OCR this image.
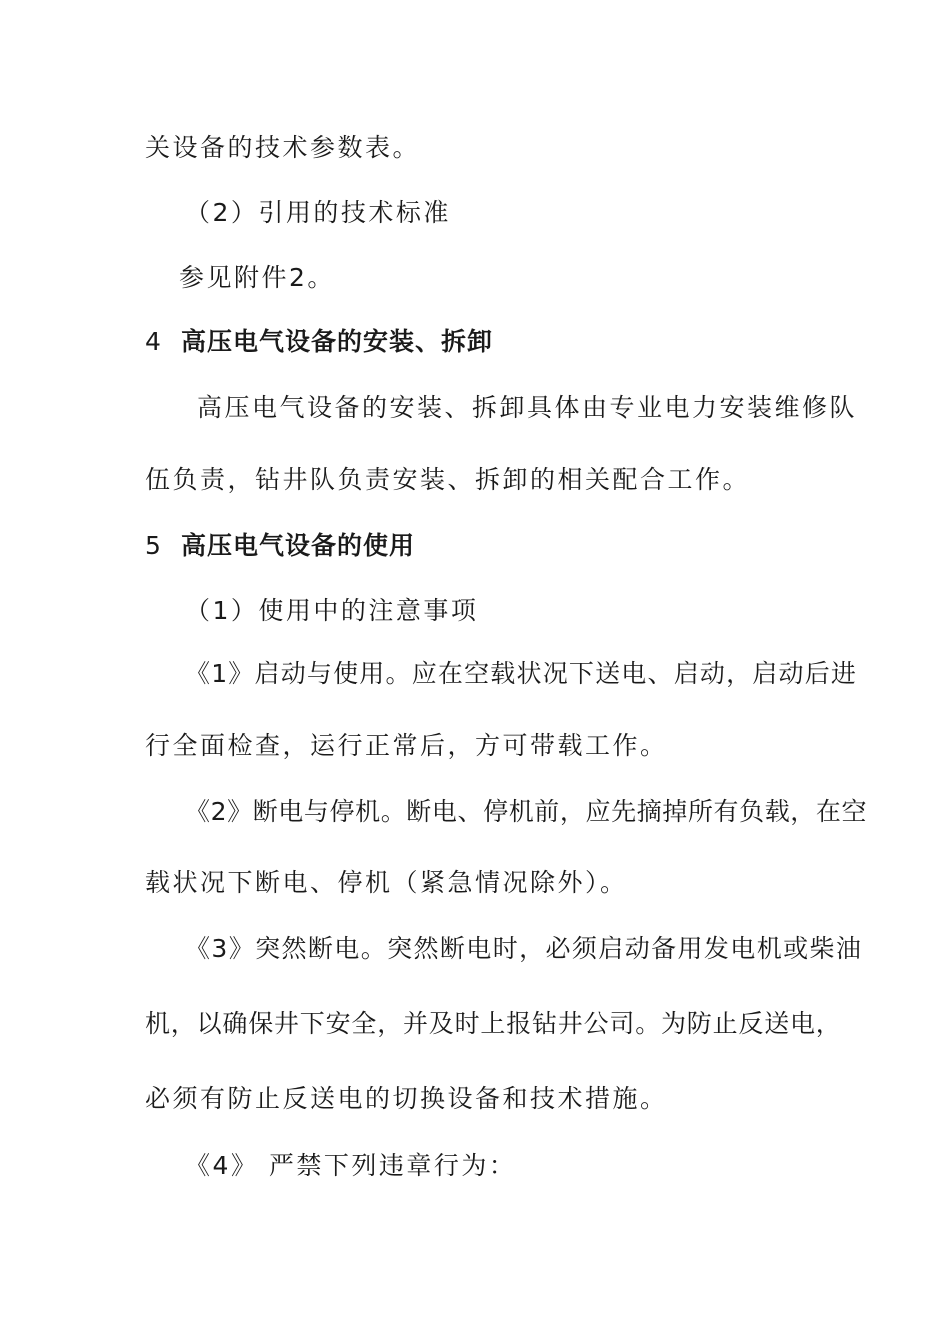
关设备的技术参数表。
（2）引用的技术标准
参见附件2。
4 高压电气设备的安装、拆卸
高压电气设备的安装、拆卸具体由专业电力安装维修队
伍负责，钻井队负责安装、拆卸的相关配合工作。
5 高压电气设备的使用
（1）使用中的注意事项
《1》启动与使用。应在空载状况下送电、启动，启动后进
行全面检查，运行正常后，方可带载工作。
《2》断电与停机。断电、停机前，应先摘掉所有负载，在空
载状况下断电、停机（紧急情况除外）。
《3》突然断电。突然断电时，必须启动备用发电机或柴油
机，以确保井下安全，并及时上报钻井公司。为防止反送电，
必须有防止反送电的切换设备和技术措施。
《4》 严禁下列违章行为：
